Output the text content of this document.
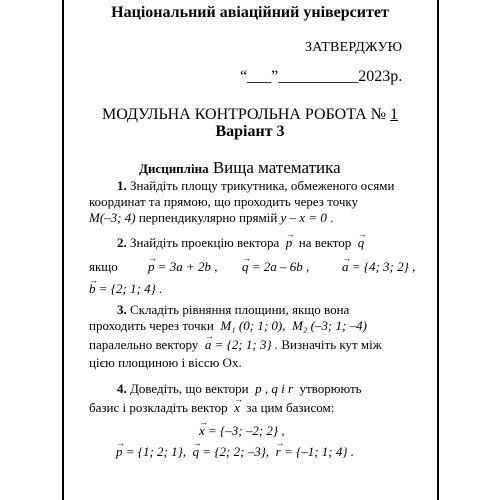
Національний авіаційний університет
ЗАТВЕРДЖУЮ
“___”__________2023р.
МОДУЛЬНА КОНТРОЛЬНА РОБОТА № 1
Варіант 3
Дисципліна Вища математика
1. Знайдіть площу трикутника, обмеженого осями
координат та прямою, що проходить через точку
M(–3; 4) перпендикулярно прямій y – x = 0 .
2. Знайдіть проекцію вектора → p на вектор → q
якщо → p = 3a + 2b , → q = 2a – 6b ,	→ a = {4; 3; 2} ,
→ b = {2; 1; 4} .
3. Складіть рівняння площини, якщо вона
проходить через точки M₁ (0; 1; 0), M₂ (–3; 1; –4)
паралельно вектору → a = {2; 1; 3} . Визначіть кут між
цією площиною і віссю Ox.
4. Доведіть, що вектори p , q і r утворюють
базис і розкладіть вектор → x за цим базисом:
→ x = {–3; –2; 2} ,
→ p = {1; 2; 1}, → q = {2; 2; –3}, → r = {–1; 1; 4} .
